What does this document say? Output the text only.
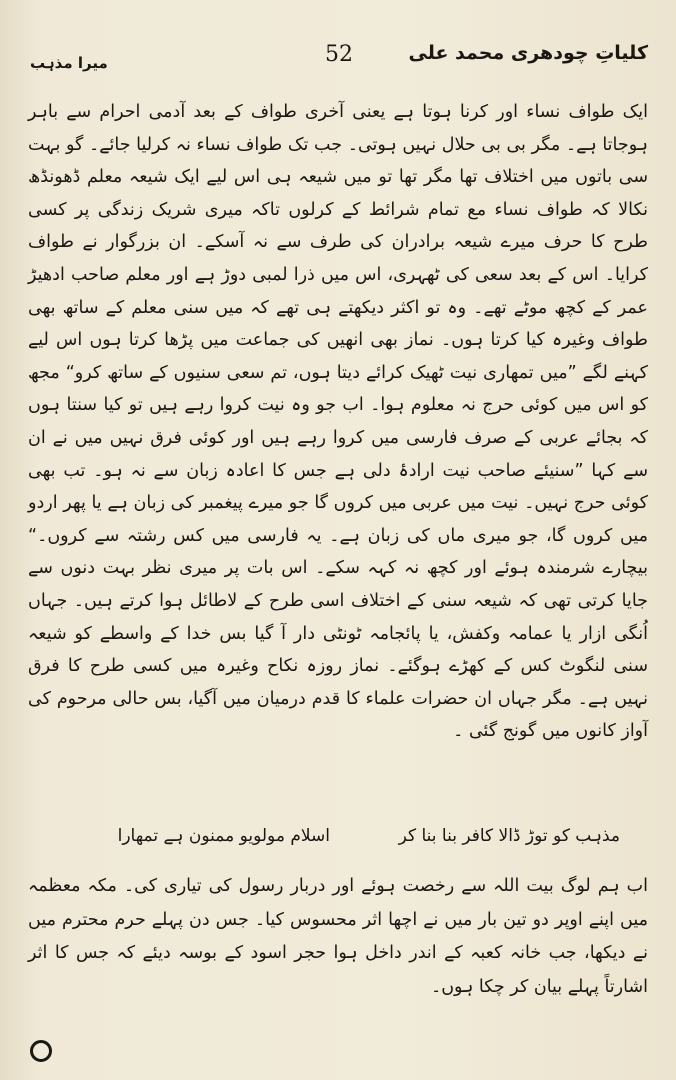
کلیاتِ چودھری محمد علی
52
میرا مذہب

ایک طواف نساء اور کرنا ہوتا ہے یعنی آخری طواف کے بعد آدمی احرام سے باہر ہوجاتا ہے۔ مگر بی بی حلال نہیں ہوتی۔ جب تک طواف نساء نہ کرلیا جائے۔ گو بہت سی باتوں میں اختلاف تھا مگر تھا تو میں شیعہ ہی اس لیے ایک شیعہ معلم ڈھونڈھ نکالا کہ طواف نساء مع تمام شرائط کے کرلوں تاکہ میری شریک زندگی پر کسی طرح کا حرف میرے شیعہ برادران کی طرف سے نہ آسکے۔ ان بزرگوار نے طواف کرایا۔ اس کے بعد سعی کی ٹھہری، اس میں ذرا لمبی دوڑ ہے اور معلم صاحب ادھیڑ عمر کے کچھ موٹے تھے۔ وہ تو اکثر دیکھتے ہی تھے کہ میں سنی معلم کے ساتھ بھی طواف وغیرہ کیا کرتا ہوں۔ نماز بھی انھیں کی جماعت میں پڑھا کرتا ہوں اس لیے کہنے لگے ”میں تمھاری نیت ٹھیک کرائے دیتا ہوں، تم سعی سنیوں کے ساتھ کرو“ مجھ کو اس میں کوئی حرج نہ معلوم ہوا۔ اب جو وہ نیت کروا رہے ہیں تو کیا سنتا ہوں کہ بجائے عربی کے صرف فارسی میں کروا رہے ہیں اور کوئی فرق نہیں میں نے ان سے کہا ”سنیئے صاحب نیت ارادۂ دلی ہے جس کا اعادہ زبان سے نہ ہو۔ تب بھی کوئی حرج نہیں۔ نیت میں عربی میں کروں گا جو میرے پیغمبر کی زبان ہے یا پھر اردو میں کروں گا، جو میری ماں کی زبان ہے۔ یہ فارسی میں کس رشتہ سے کروں۔“ بیچارے شرمندہ ہوئے اور کچھ نہ کہہ سکے۔ اس بات پر میری نظر بہت دنوں سے جایا کرتی تھی کہ شیعہ سنی کے اختلاف اسی طرح کے لاطائل ہوا کرتے ہیں۔ جہاں اُنگی ازار یا عمامہ وکفش، یا پائجامہ ٹونٹی دار آ گیا بس خدا کے واسطے کو شیعہ سنی لنگوٹ کس کے کھڑے ہوگئے۔ نماز روزہ نکاح وغیرہ میں کسی طرح کا فرق نہیں ہے۔ مگر جہاں ان حضرات علماء کا قدم درمیان میں آگیا، بس حالی مرحوم کی آواز کانوں میں گونج گئی ۔

مذہب کو توڑ ڈالا کافر بنا بنا کر
اسلام مولویو ممنون ہے تمھارا

اب ہم لوگ بیت اللہ سے رخصت ہوئے اور دربار رسول کی تیاری کی۔ مکہ معظمہ میں اپنے اوپر دو تین بار میں نے اچھا اثر محسوس کیا۔ جس دن پہلے حرم محترم میں نے دیکھا، جب خانہ کعبہ کے اندر داخل ہوا حجر اسود کے بوسہ دیئے کہ جس کا اثر اشارتاً پہلے بیان کر چکا ہوں۔
